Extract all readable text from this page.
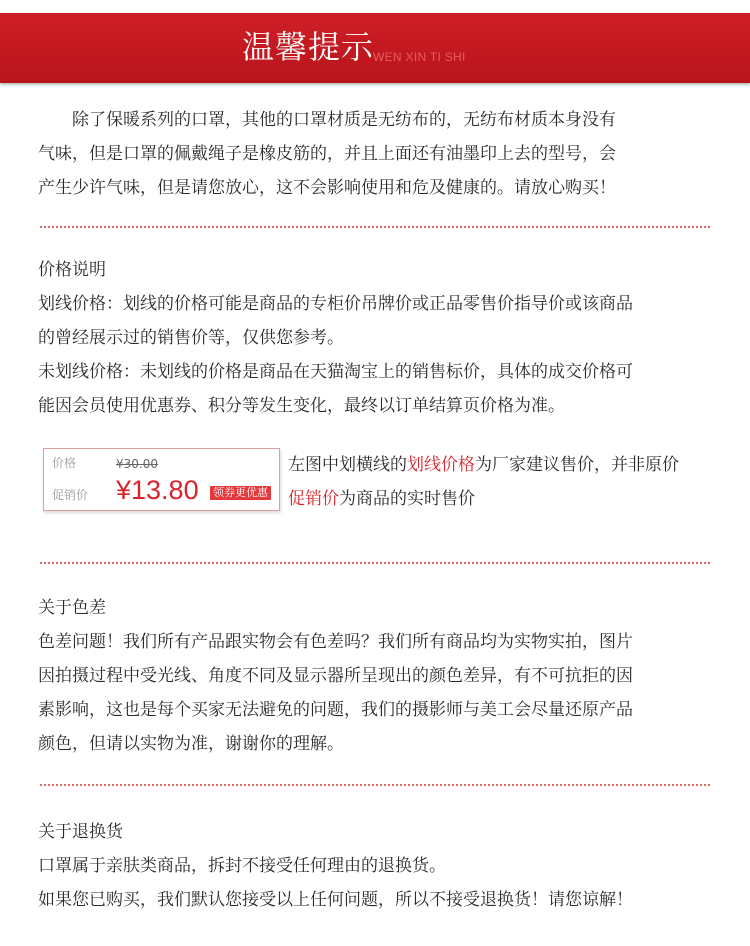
温馨提示
WEN XIN TI SHI

　　除了保暖系列的口罩，其他的口罩材质是无纺布的，无纺布材质本身没有

气味，但是口罩的佩戴绳子是橡皮筋的，并且上面还有油墨印上去的型号，会

产生少许气味，但是请您放心，这不会影响使用和危及健康的。请放心购买！

价格说明

划线价格：划线的价格可能是商品的专柜价吊牌价或正品零售价指导价或该商品

的曾经展示过的销售价等，仅供您参考。

未划线价格：未划线的价格是商品在天猫淘宝上的销售标价，具体的成交价格可

能因会员使用优惠券、积分等发生变化，最终以订单结算页价格为准。

价格	¥30.00
促销价 ¥13.80 领券更优惠
左图中划横线的划线价格为厂家建议售价，并非原价
促销价为商品的实时售价

关于色差

色差问题！我们所有产品跟实物会有色差吗？我们所有商品均为实物实拍，图片

因拍摄过程中受光线、角度不同及显示器所呈现出的颜色差异，有不可抗拒的因

素影响，这也是每个买家无法避免的问题，我们的摄影师与美工会尽量还原产品

颜色，但请以实物为准，谢谢你的理解。

关于退换货

口罩属于亲肤类商品，拆封不接受任何理由的退换货。

如果您已购买，我们默认您接受以上任何问题，所以不接受退换货！请您谅解！
